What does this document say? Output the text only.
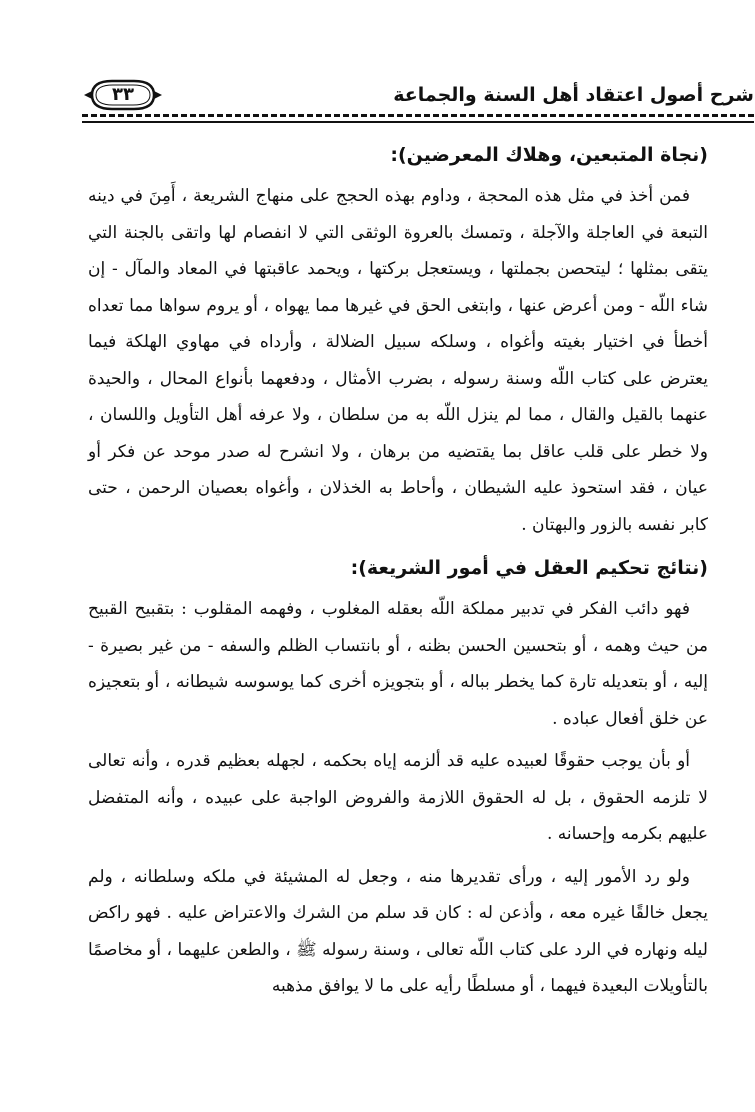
٣٣	شرح أصول اعتقاد أهل السنة والجماعة
(نجاة المتبعين، وهلاك المعرضين):

فمن أخذ في مثل هذه المحجة ، وداوم بهذه الحجج على منهاج الشريعة ، أَمِنَ في دينه التبعة في العاجلة والآجلة ، وتمسك بالعروة الوثقى التي لا انفصام لها واتقى بالجنة التي يتقى بمثلها ؛ ليتحصن بجملتها ، ويستعجل بركتها ، ويحمد عاقبتها في المعاد والمآل - إن شاء اللّه - ومن أعرض عنها ، وابتغى الحق في غيرها مما يهواه ، أو يروم سواها مما تعداه أخطأ في اختيار بغيته وأغواه ، وسلكه سبيل الضلالة ، وأرداه في مهاوي الهلكة فيما يعترض على كتاب اللّه وسنة رسوله ، بضرب الأمثال ، ودفعهما بأنواع المحال ، والحيدة عنهما بالقيل والقال ، مما لم ينزل اللّه به من سلطان ، ولا عرفه أهل التأويل واللسان ، ولا خطر على قلب عاقل بما يقتضيه من برهان ، ولا انشرح له صدر موحد عن فكر أو عيان ، فقد استحوذ عليه الشيطان ، وأحاط به الخذلان ، وأغواه بعصيان الرحمن ، حتى كابر نفسه بالزور والبهتان .

(نتائج تحكيم العقل في أمور الشريعة):

فهو دائب الفكر في تدبير مملكة اللّه بعقله المغلوب ، وفهمه المقلوب : بتقبيح القبيح من حيث وهمه ، أو بتحسين الحسن بظنه ، أو بانتساب الظلم والسفه - من غير بصيرة - إليه ، أو بتعديله تارة كما يخطر بباله ، أو بتجويزه أخرى كما يوسوسه شيطانه ، أو بتعجيزه عن خلق أفعال عباده .

أو بأن يوجب حقوقًا لعبيده عليه قد ألزمه إياه بحكمه ، لجهله بعظيم قدره ، وأنه تعالى لا تلزمه الحقوق ، بل له الحقوق اللازمة والفروض الواجبة على عبيده ، وأنه المتفضل عليهم بكرمه وإحسانه .

ولو رد الأمور إليه ، ورأى تقديرها منه ، وجعل له المشيئة في ملكه وسلطانه ، ولم يجعل خالقًا غيره معه ، وأذعن له : كان قد سلم من الشرك والاعتراض عليه . فهو راكض ليله ونهاره في الرد على كتاب اللّه تعالى ، وسنة رسوله ﷺ ، والطعن عليهما ، أو مخاصمًا بالتأويلات البعيدة فيهما ، أو مسلطًا رأيه على ما لا يوافق مذهبه
